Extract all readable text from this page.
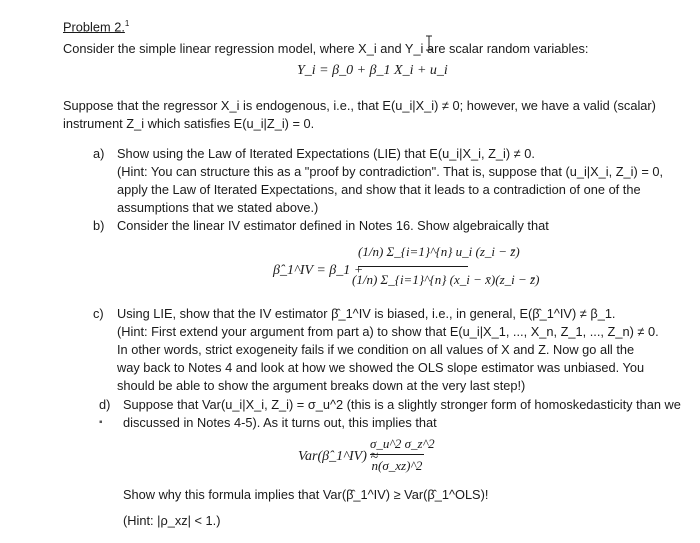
Problem 2.$^1$
Consider the simple linear regression model, where X_i and Y_i are scalar random variables:
Y_i = β_0 + β_1 X_i + u_i
Suppose that the regressor X_i is endogenous, i.e., that E(u_i|X_i) ≠ 0; however, we have a valid (scalar)
instrument Z_i which satisfies E(u_i|Z_i) = 0.
a) Show using the Law of Iterated Expectations (LIE) that E(u_i|X_i, Z_i) ≠ 0.
(Hint: You can structure this as a "proof by contradiction". That is, suppose that (u_i|X_i, Z_i) = 0,
apply the Law of Iterated Expectations, and show that it leads to a contradiction of one of the
assumptions that we stated above.)
b) Consider the linear IV estimator defined in Notes 16. Show algebraically that
β̂_1^IV = β_1 +
(1/n) Σ_{i=1}^{n} u_i (z_i − z̄)
(1/n) Σ_{i=1}^{n} (x_i − x̄)(z_i − z̄)
c) Using LIE, show that the IV estimator β̂_1^IV is biased, i.e., in general, E(β̂_1^IV) ≠ β_1.
(Hint: First extend your argument from part a) to show that E(u_i|X_1, ..., X_n, Z_1, ..., Z_n) ≠ 0.
In other words, strict exogeneity fails if we condition on all values of X and Z. Now go all the
way back to Notes 4 and look at how we showed the OLS slope estimator was unbiased. You
should be able to show the argument breaks down at the very last step!)
d) Suppose that Var(u_i|X_i, Z_i) = σ_u^2 (this is a slightly stronger form of homoskedasticity than we
▪ discussed in Notes 4-5). As it turns out, this implies that
Var(β̂_1^IV) ≈
σ_u^2 σ_z^2
n(σ_xz)^2
Show why this formula implies that Var(β̂_1^IV) ≥ Var(β̂_1^OLS)!
(Hint: |ρ_xz| < 1.)
